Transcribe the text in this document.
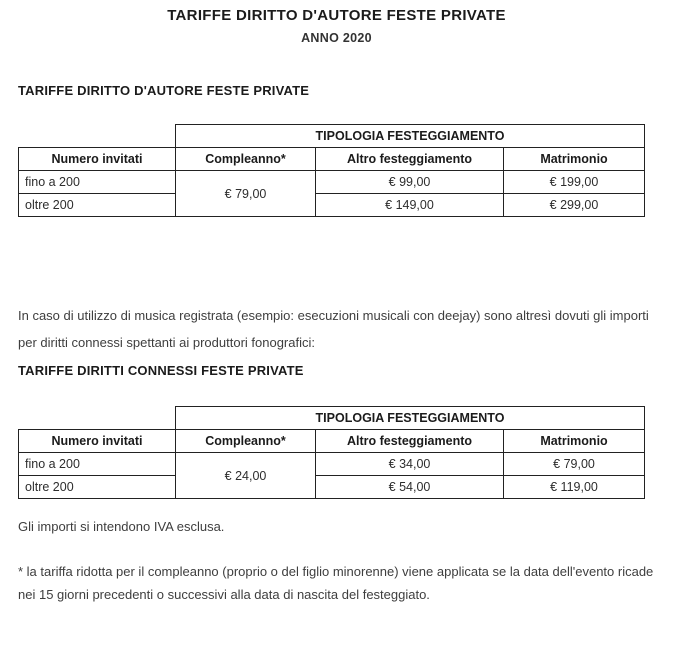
TARIFFE DIRITTO D'AUTORE FESTE PRIVATE
ANNO 2020
TARIFFE DIRITTO D'AUTORE FESTE PRIVATE
	TIPOLOGIA FESTEGGIAMENTO		
Numero invitati	Compleanno*	Altro festeggiamento	Matrimonio
fino a 200	€ 79,00	€ 99,00	€ 199,00
oltre 200		€ 149,00	€ 299,00

In caso di utilizzo di musica registrata (esempio: esecuzioni musicali con deejay) sono altresì dovuti gli importi per diritti connessi spettanti ai produttori fonografici:

TARIFFE DIRITTI CONNESSI FESTE PRIVATE
	TIPOLOGIA FESTEGGIAMENTO		
Numero invitati	Compleanno*	Altro festeggiamento	Matrimonio
fino a 200	€ 24,00	€ 34,00	€ 79,00
oltre 200		€ 54,00	€ 119,00

Gli importi si intendono IVA esclusa.

* la tariffa ridotta per il compleanno (proprio o del figlio minorenne) viene applicata se la data dell'evento ricade nei 15 giorni precedenti o successivi alla data di nascita del festeggiato.
